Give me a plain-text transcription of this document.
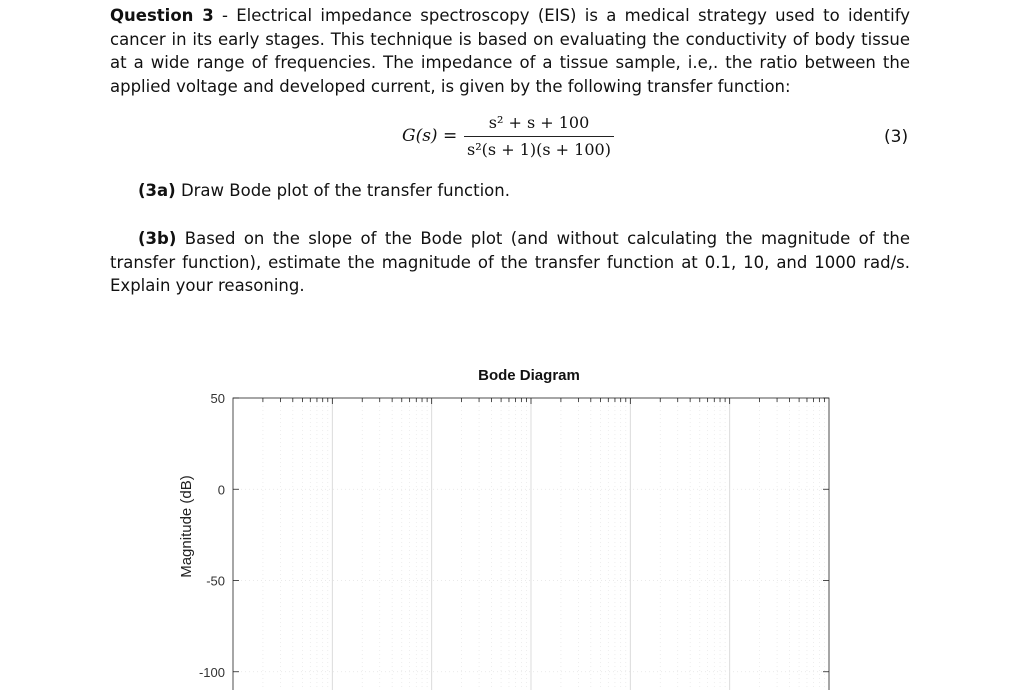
Question 3 - Electrical impedance spectroscopy (EIS) is a medical strategy used to identify cancer in its early stages. This technique is based on evaluating the conductivity of body tissue at a wide range of frequencies. The impedance of a tissue sample, i.e,. the ratio between the applied voltage and developed current, is given by the following transfer function:

G(s) =
s² + s + 100
s²(s + 1)(s + 100)
(3)

(3a) Draw Bode plot of the transfer function.

(3b) Based on the slope of the Bode plot (and without calculating the magnitude of the transfer function), estimate the magnitude of the transfer function at 0.1, 10, and 1000 rad/s. Explain your reasoning.

Bode Diagram
50
0
-50
-100
Magnitude (dB)
